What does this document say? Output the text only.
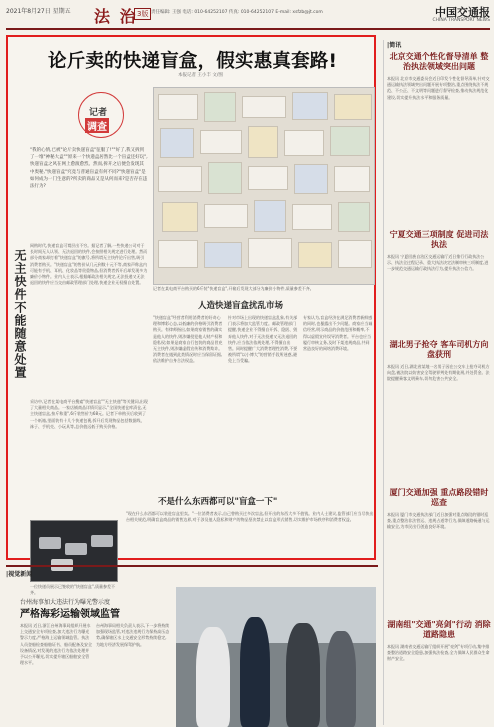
2021年8月27日 星期五 法 治 3版 责任编辑: 王强 电话: 010-64252107 传真: 010-64252107 E-mail: xsfzb@jt.com	中国交通报
CHINA TRANSPORT NEWS
论斤卖的快递盲盒，假实惠真套路!
本报记者 王小丰 文/图
记者
调查
"我的心情,已被"论斤卖快递盲盒"征服了!""好了,我又拆到了一堆"神秘大盒""原来一个快递盒居然比一个盲盒还好玩",快递盲盒之风在网上愈演愈烈。然而,拆开之后便会发现其中奥秘,"快递盲盒"究竟与普通盲盒有何不同?"快递盲盒"是如何成为一门生意的?所卖的商品又是从何而来?是否存在违法行为?
记者在某电商平台购买的6斤装"快递盲盒",开箱后发现大部分为廉价小物件,质量参差不齐。
无主快件不能随意处置
网购时代,快递盲盒可谓层出不穷。据记者了解,一些快递公司对于长时间无人认领、无法退回的快件,会按照相关规定进行处理。然而部分商家却打着"快递盲盒"的旗号,将所谓无主快件论斤出售,吸引消费者购买。"快递盲盒"的售价从几元到数十元不等,商家声称盒内可能有手机、耳机、化妆品等贵重物品,但消费者拆开后却发现多为廉价小物件。业内人士表示,根据邮政法相关规定,无法投递又无法退回的快件应当交由邮政管理部门处理,快递企业无权擅自处置。
采访中,记者在某电商平台搜索"快递盲盒""无主快递"等关键词,出现了大量相关商品。一家店铺商品详情页显示,"全国快递仓库清仓,无主快递盲盒,按斤称重",6斤装售价为68元。记者下单购买后收到了一个纸箱,里面装有十几个快递包裹,拆开后发现物品包括数据线、袜子、手机壳、小玩具等,总价值远低于购买价格。
人造快递盲盒扰乱市场
"快递盲盒"经营者利用消费者的好奇心理和博彩心态,以低廉的价格吸引消费者购买。有律师指出,如果商家销售的确实是他人的快件,则涉嫌侵犯他人财产权和隐私权;如果是商家自行包装的商品冒充无主快件,则涉嫌虚假宣传和消费欺诈。消费者在遇到此类情况时应当保留证据,依法维护自身合法权益。
针对市场上出现的快递盲盒乱象,有关部门表示将加大监管力度。邮政管理部门提醒,快递企业不得擅自开拆、隐匿、毁弃他人快件,对于无法投递又无法退回的快件,应当依法依规处理,不得擅自出售。同时提醒广大消费者理性消费,不要被所谓"以小博大"的营销手段所迷惑,避免上当受骗。
专家认为,盲盒经济在满足消费者新鲜感的同时,也暴露出不少问题。商家应当诚信经营,明示商品的价值范围和概率,不得以虚假宣传误导消费者。平台也应当履行审核义务,及时下架违规商品,共同营造良好的网络消费环境。
不是什么东西都可以"盲盒一下"
"现在什么东西都可以装进盲盒里卖。"一位消费者表示,自己曾购买过多次盲盒,但开出的东西大多不值钱。业内人士建议,监管部门应当尽快出台相关规范,明确盲盒商品的销售边界,对于涉及他人隐私和财产的物品坚决禁止以盲盒形式销售,切实维护市场秩序和消费者权益。
一位快递员展示已签收的"快递盲盒",质量参差不齐。
|简讯
北京交通个性化督导清单 整治执法领域突出问题
本报讯 北京市交通委员会近日印发个性化督导清单,针对交通运输执法领域突出问题开展专项整治,重点围绕执法不规范、不公正、不文明等问题进行督导检查,推动执法规范化建设,切实提升执法水平和服务质量。
宁夏交通三项制度 促进司法执法
本报讯 宁夏回族自治区交通运输厅近日推行行政执法公示、执法全过程记录、重大执法决定法制审核三项制度,进一步规范交通运输行政执法行为,提升执法公信力。
湖北男子抢夺 客车司机方向盘获刑
本报讯 近日,湖北省某地一名男子因在公交车上抢夺司机方向盘,被法院以妨害安全驾驶罪判处有期徒刑,并处罚金。法院提醒乘客文明乘车,切勿危害公共安全。
厦门交通加强 重点路段错时巡查
本报讯 厦门市交通执法部门近日加强对重点路段的错时巡查,重点整治非法营运、违规占道等行为,保障道路畅通与运输安全,为市民出行创造良好环境。
湖南组"交通"亮剑"行动 消除道路隐患
本报讯 湖南省交通运输厅组织开展"亮剑"专项行动,集中排查整治道路安全隐患,加强执法检查,全力保障人民群众生命财产安全。
|视觉新闻
台州海事加大违法行为曝光警示度
严格海彩运输领域监管
本报讯 近日,浙江台州海事局组织开展水上交通安全专项检查,加大违法行为曝光警示力度,严格海上运输领域监管。执法人员登船检查船舶证书、船员配备及安全设备情况,对发现的违法行为依法处理并予以公开曝光,切实提升辖区船舶安全管理水平。
台州海事局相关负责人表示,下一步将持续加强现场监管,对违法违规行为保持高压态势,确保辖区水上交通安全形势持续稳定,为地方经济发展保驾护航。
